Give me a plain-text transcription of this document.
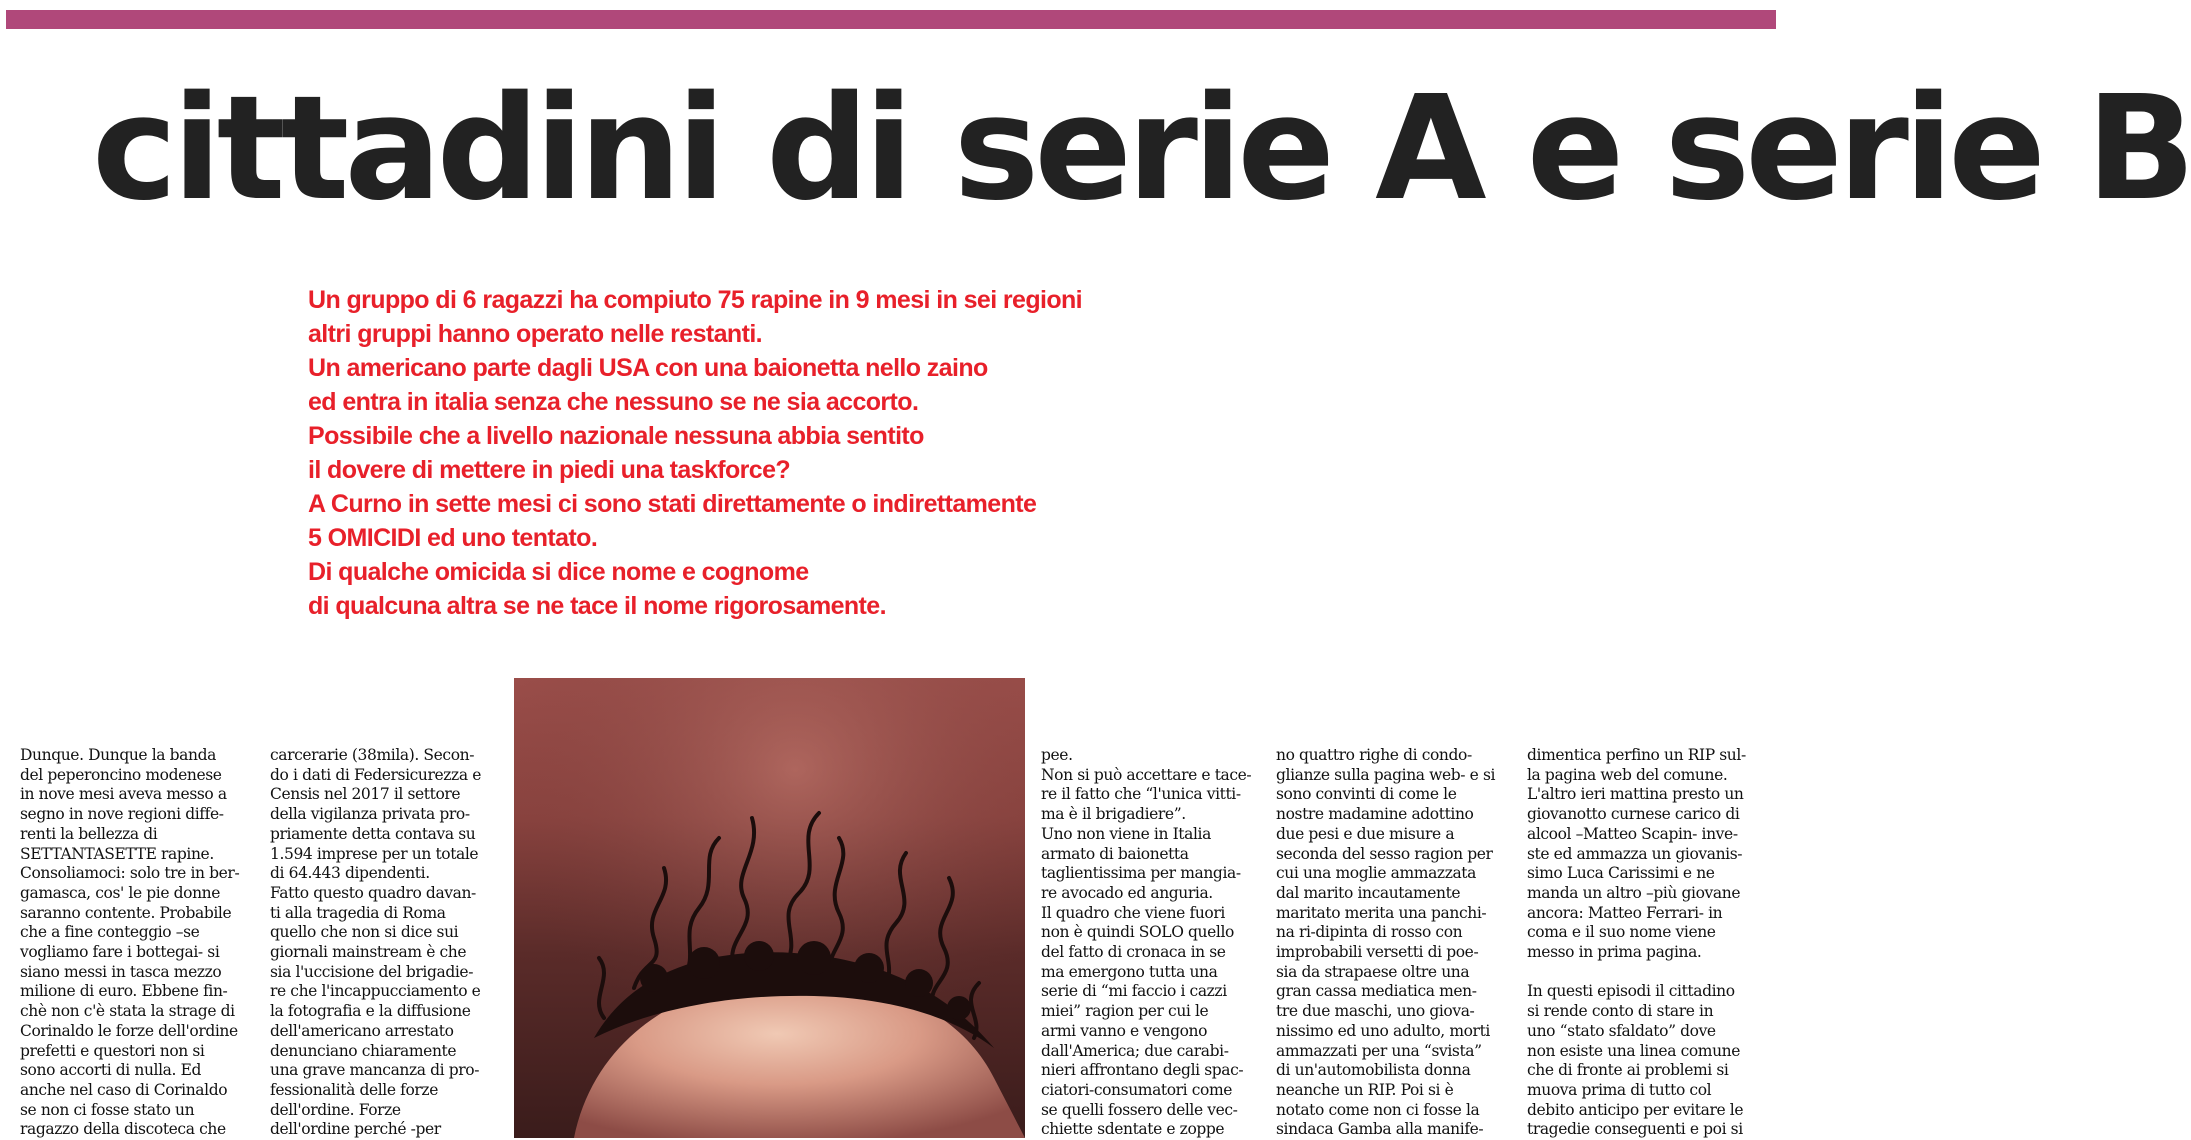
cittadini di serie A e serie B
Un gruppo di 6 ragazzi ha compiuto 75 rapine in 9 mesi in sei regioni
altri gruppi hanno operato nelle restanti.
Un americano parte dagli USA con una baionetta nello zaino
ed entra in italia senza che nessuno se ne sia accorto.
Possibile che a livello nazionale nessuna abbia sentito
il dovere di mettere in piedi una taskforce?
A Curno in sette mesi ci sono stati direttamente o indirettamente
5 OMICIDI ed uno tentato.
Di qualche omicida si dice nome e cognome
di qualcuna altra se ne tace il nome rigorosamente.
Dunque. Dunque la banda
del peperoncino modenese
in nove mesi aveva messo a
segno in nove regioni diffe-
renti la bellezza di
SETTANTASETTE rapine.
Consoliamoci: solo tre in ber-
gamasca, cos' le pie donne
saranno contente. Probabile
che a fine conteggio –se
vogliamo fare i bottegai- si
siano messi in tasca mezzo
milione di euro. Ebbene fin-
chè non c'è stata la strage di
Corinaldo le forze dell'ordine
prefetti e questori non si
sono accorti di nulla. Ed
anche nel caso di Corinaldo
se non ci fosse stato un
ragazzo della discoteca che
carcerarie (38mila). Secon-
do i dati di Federsicurezza e
Censis nel 2017 il settore
della vigilanza privata pro-
priamente detta contava su
1.594 imprese per un totale
di 64.443 dipendenti.
Fatto questo quadro davan-
ti alla tragedia di Roma
quello che non si dice sui
giornali mainstream è che
sia l'uccisione del brigadie-
re che l'incappucciamento e
la fotografia e la diffusione
dell'americano arrestato
denunciano chiaramente
una grave mancanza di pro-
fessionalità delle forze
dell'ordine. Forze
dell'ordine perché -per
pee.
Non si può accettare e tace-
re il fatto che “l'unica vitti-
ma è il brigadiere”.
Uno non viene in Italia
armato di baionetta
taglientissima per mangia-
re avocado ed anguria.
Il quadro che viene fuori
non è quindi SOLO quello
del fatto di cronaca in se
ma emergono tutta una
serie di “mi faccio i cazzi
miei” ragion per cui le
armi vanno e vengono
dall'America; due carabi-
nieri affrontano degli spac-
ciatori-consumatori come
se quelli fossero delle vec-
chiette sdentate e zoppe
no quattro righe di condo-
glianze sulla pagina web- e si
sono convinti di come le
nostre madamine adottino
due pesi e due misure a
seconda del sesso ragion per
cui una moglie ammazzata
dal marito incautamente
maritato merita una panchi-
na ri-dipinta di rosso con
improbabili versetti di poe-
sia da strapaese oltre una
gran cassa mediatica men-
tre due maschi, uno giova-
nissimo ed uno adulto, morti
ammazzati per una “svista”
di un'automobilista donna
neanche un RIP. Poi si è
notato come non ci fosse la
sindaca Gamba alla manife-
dimentica perfino un RIP sul-
la pagina web del comune.
L'altro ieri mattina presto un
giovanotto curnese carico di
alcool –Matteo Scapin- inve-
ste ed ammazza un giovanis-
simo Luca Carissimi e ne
manda un altro –più giovane
ancora: Matteo Ferrari- in
coma e il suo nome viene
messo in prima pagina.
In questi episodi il cittadino
si rende conto di stare in
uno “stato sfaldato” dove
non esiste una linea comune
che di fronte ai problemi si
muova prima di tutto col
debito anticipo per evitare le
tragedie conseguenti e poi si
